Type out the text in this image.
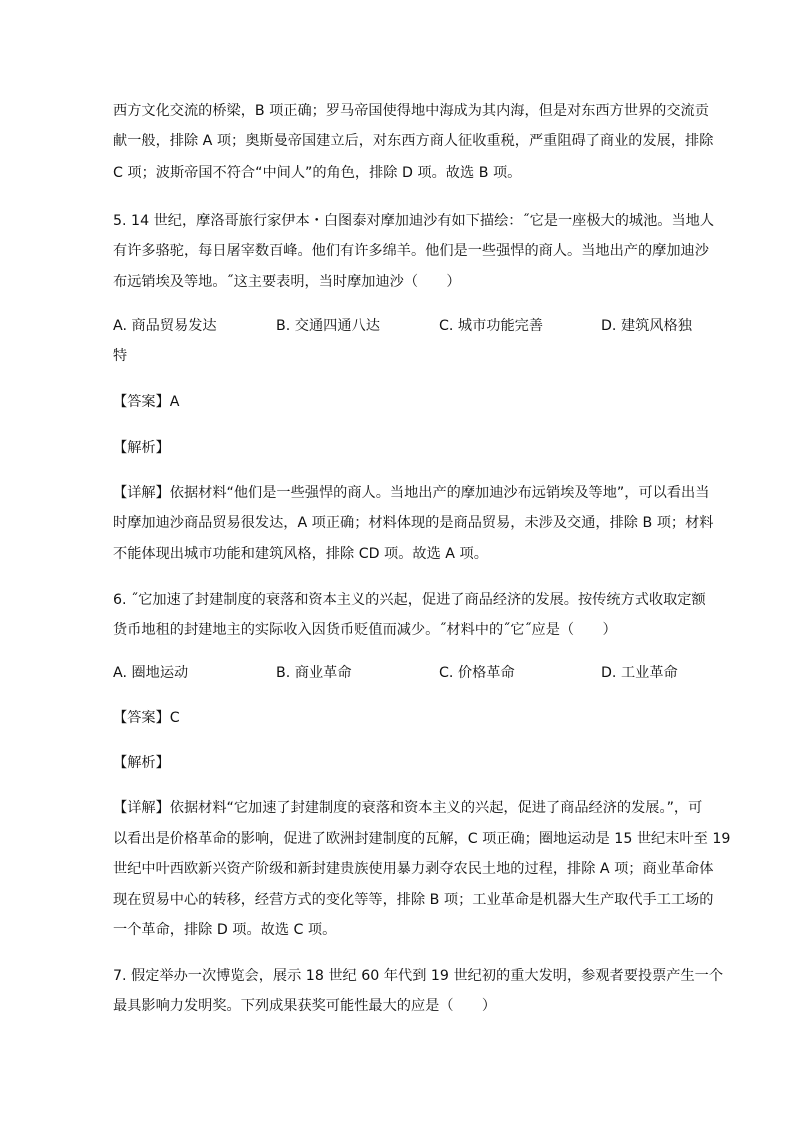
西方文化交流的桥梁，B 项正确；罗马帝国使得地中海成为其内海，但是对东西方世界的交流贡
献一般，排除 A 项；奥斯曼帝国建立后，对东西方商人征收重税，严重阻碍了商业的发展，排除
C 项；波斯帝国不符合“中间人”的角色，排除 D 项。故选 B 项。
5. 14 世纪，摩洛哥旅行家伊本・白图泰对摩加迪沙有如下描绘：˝它是一座极大的城池。当地人
有许多骆驼，每日屠宰数百峰。他们有许多绵羊。他们是一些强悍的商人。当地出产的摩加迪沙
布远销埃及等地。˝这主要表明，当时摩加迪沙（　　）
A. 商品贸易发达	B. 交通四通八达	C. 城市功能完善	D. 建筑风格独
特
【答案】A
【解析】
【详解】依据材料“他们是一些强悍的商人。当地出产的摩加迪沙布远销埃及等地”，可以看出当
时摩加迪沙商品贸易很发达，A 项正确；材料体现的是商品贸易，未涉及交通，排除 B 项；材料
不能体现出城市功能和建筑风格，排除 CD 项。故选 A 项。
6. ˝它加速了封建制度的衰落和资本主义的兴起，促进了商品经济的发展。按传统方式收取定额
货币地租的封建地主的实际收入因货币贬值而减少。˝材料中的˝它˝应是（　　）
A. 圈地运动	B. 商业革命	C. 价格革命	D. 工业革命
【答案】C
【解析】
【详解】依据材料“它加速了封建制度的衰落和资本主义的兴起，促进了商品经济的发展。”，可
以看出是价格革命的影响，促进了欧洲封建制度的瓦解，C 项正确；圈地运动是 15 世纪末叶至 19
世纪中叶西欧新兴资产阶级和新封建贵族使用暴力剥夺农民土地的过程，排除 A 项；商业革命体
现在贸易中心的转移，经营方式的变化等等，排除 B 项；工业革命是机器大生产取代手工工场的
一个革命，排除 D 项。故选 C 项。
7. 假定举办一次博览会，展示 18 世纪 60 年代到 19 世纪初的重大发明，参观者要投票产生一个
最具影响力发明奖。下列成果获奖可能性最大的应是（　　）
